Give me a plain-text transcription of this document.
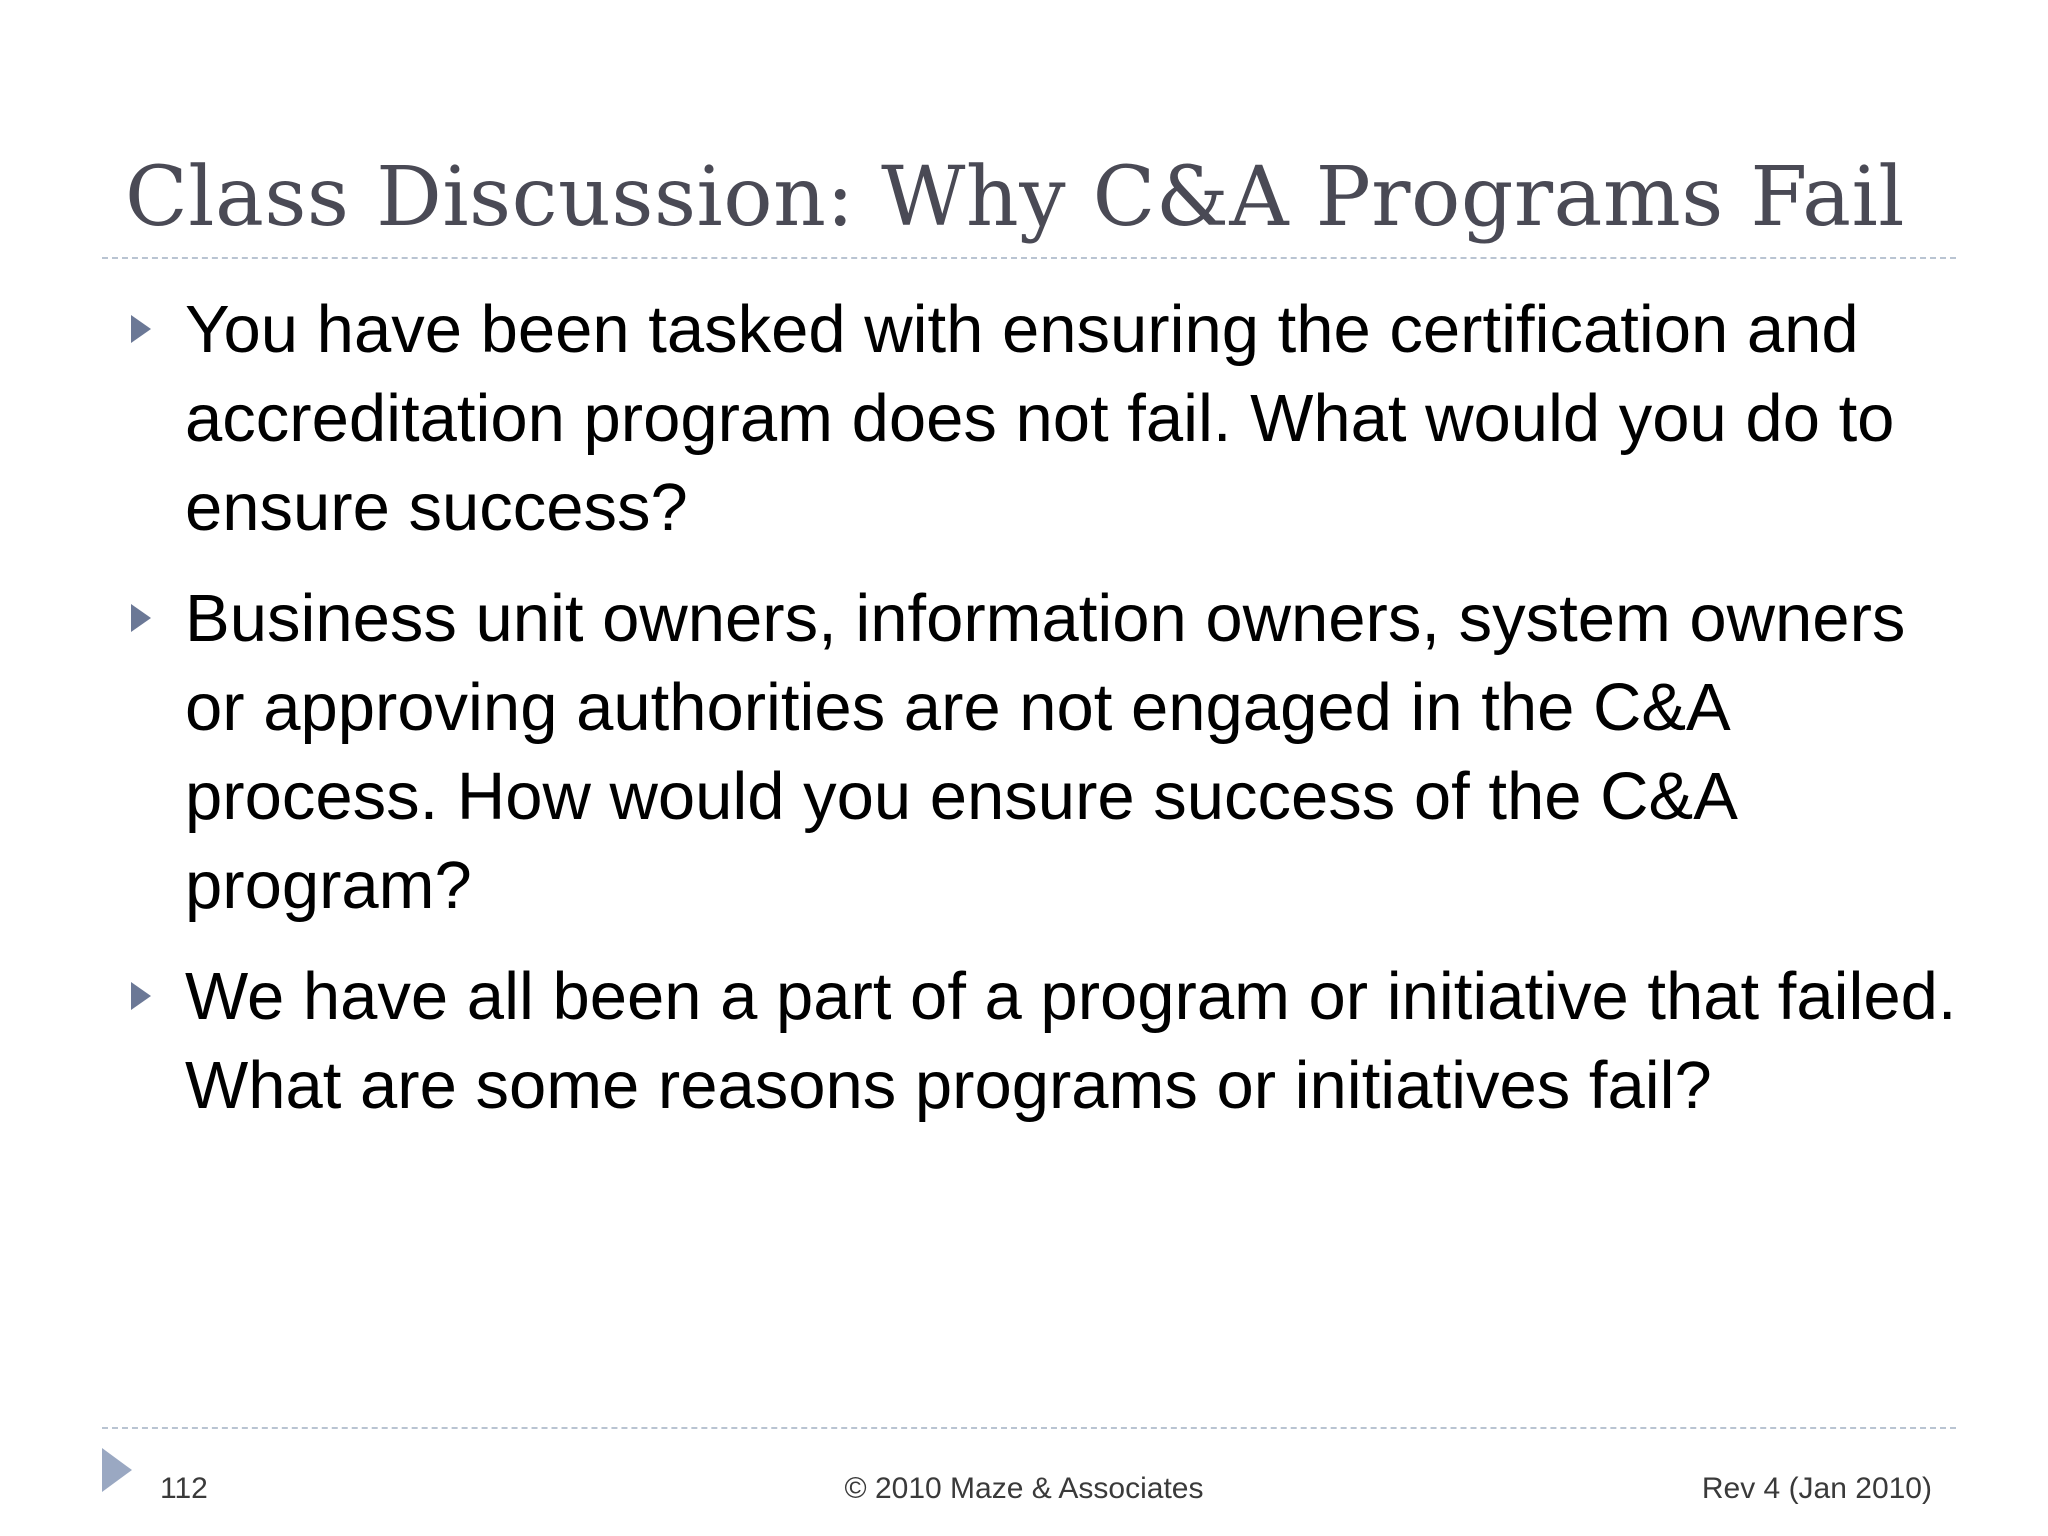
Class Discussion: Why C&A Programs Fail
You have been tasked with ensuring the certification and accreditation program does not fail. What would you do to ensure success?
Business unit owners, information owners, system owners or approving authorities are not engaged in the C&A process. How would you ensure success of the C&A program?
We have all been a part of a program or initiative that failed. What are some reasons programs or initiatives fail?
112	© 2010 Maze & Associates	Rev 4 (Jan 2010)
